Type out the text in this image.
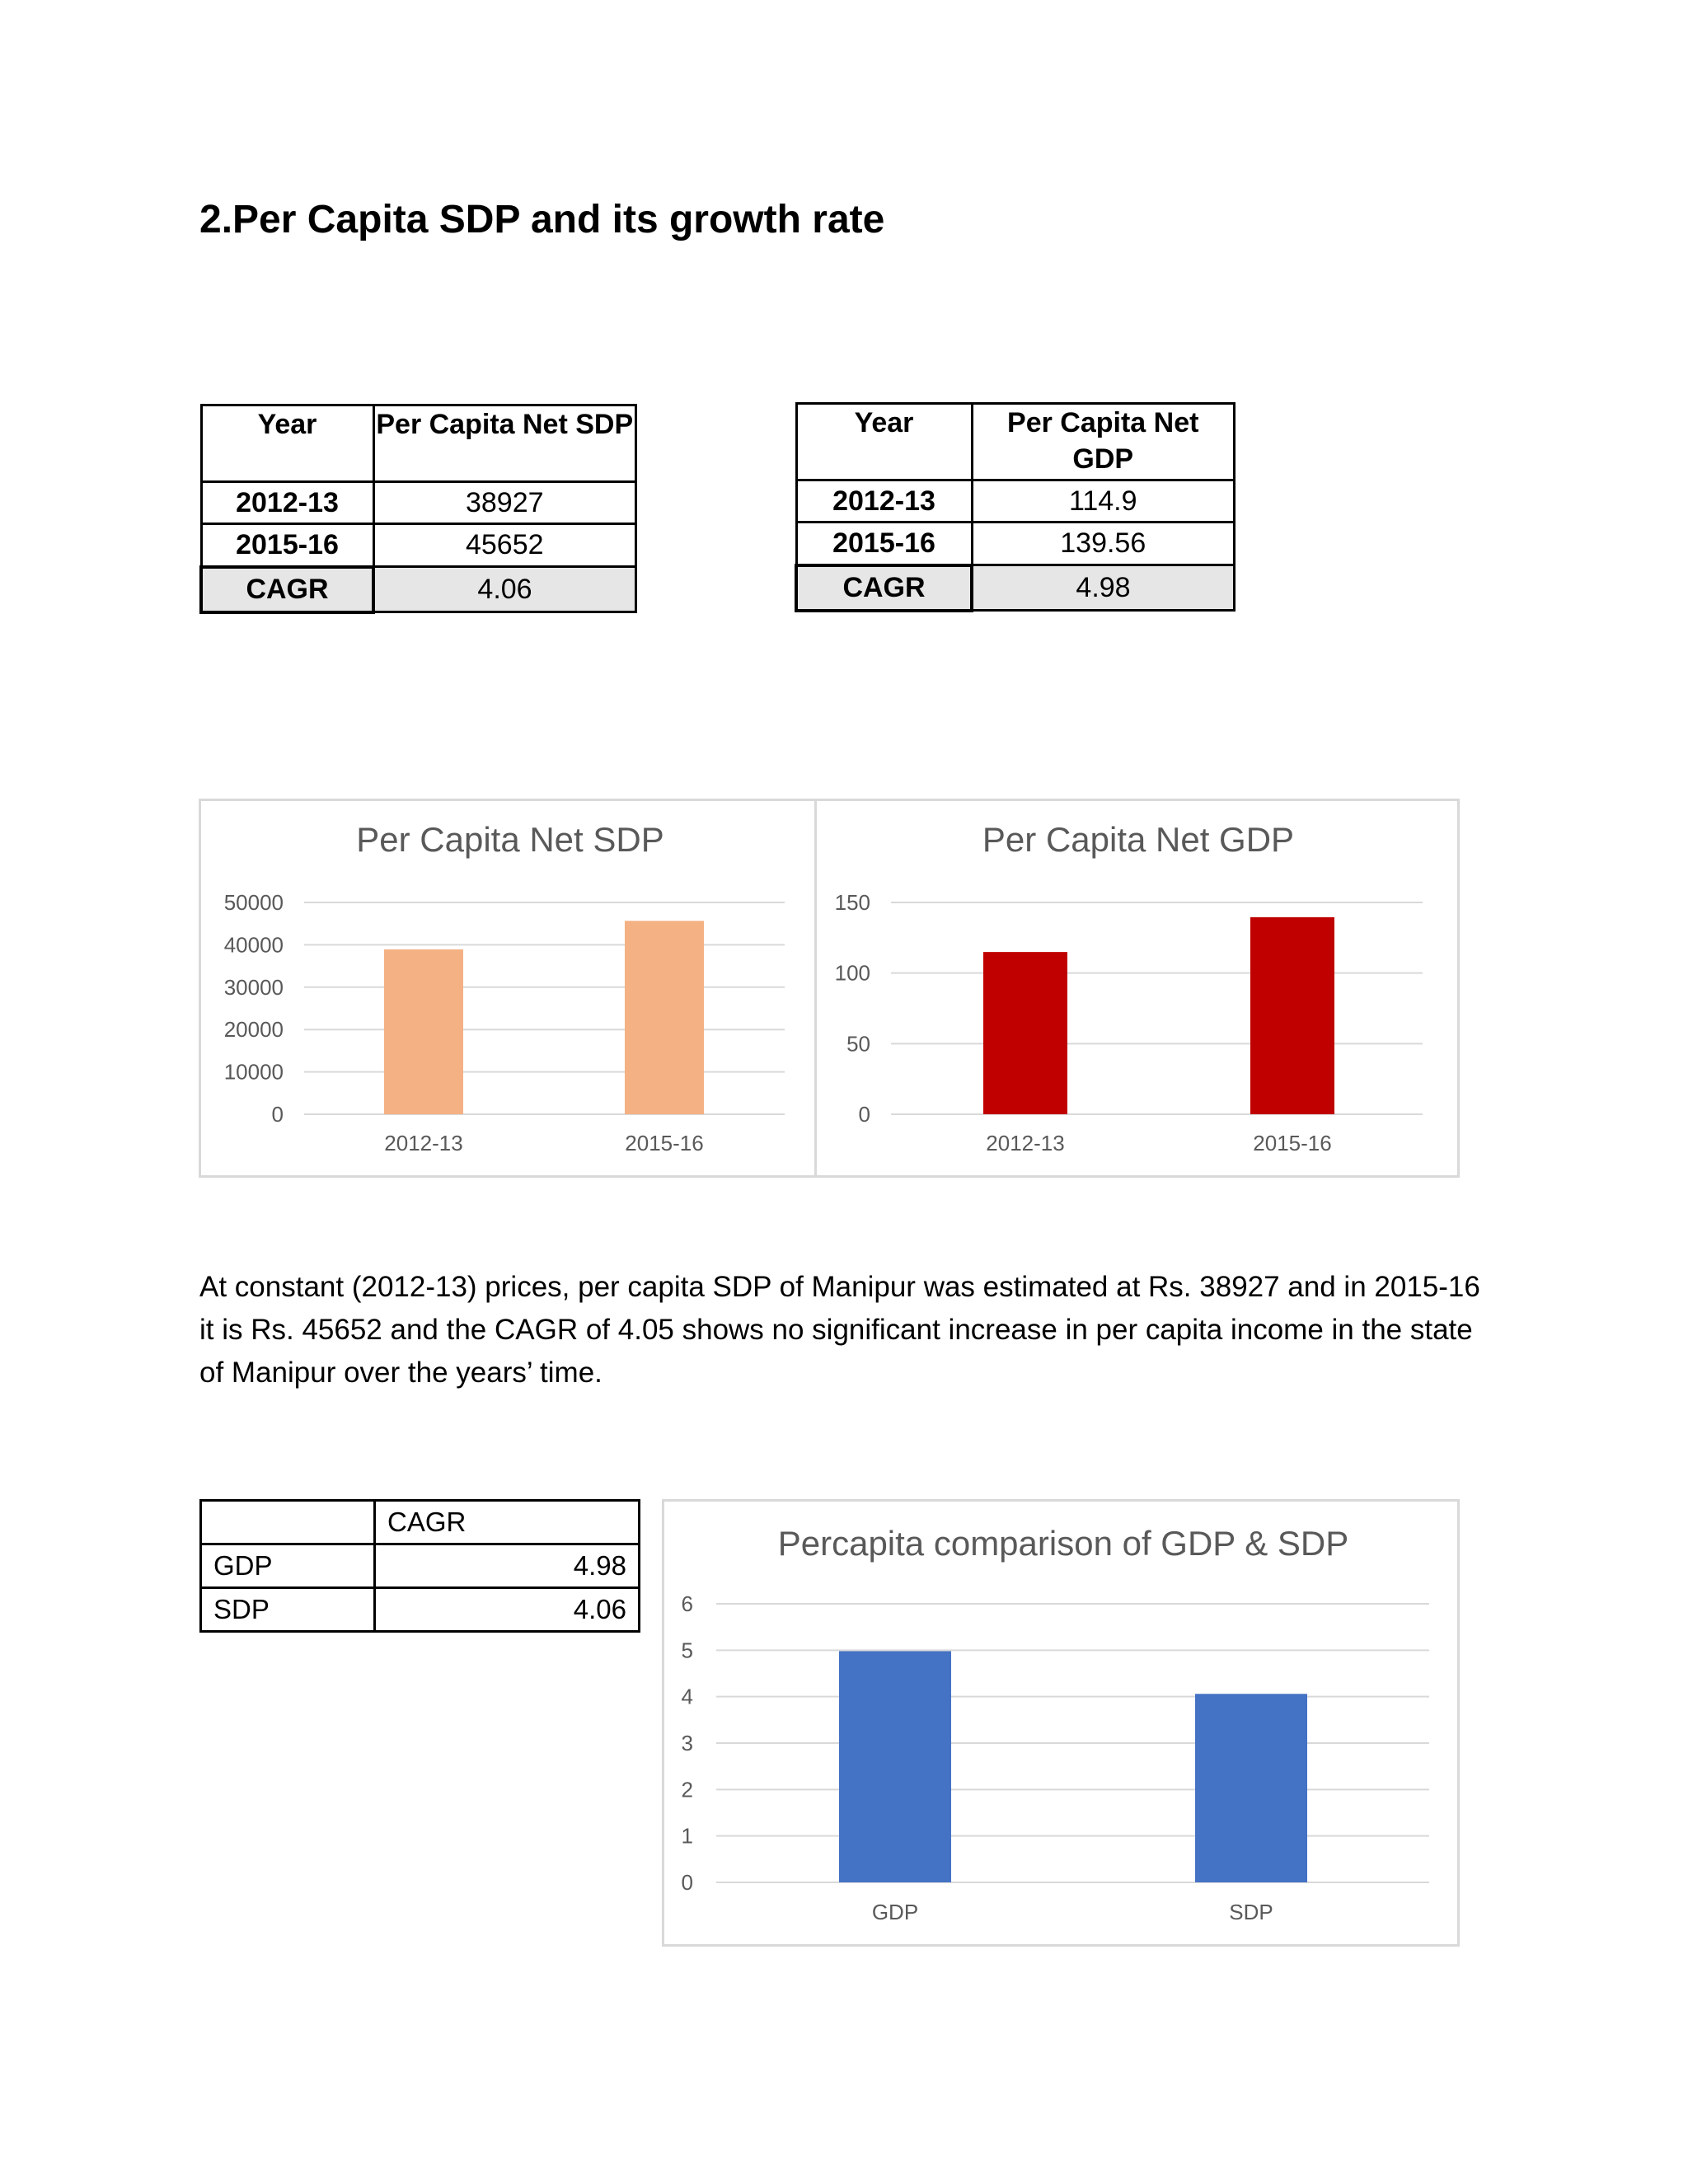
2.Per Capita SDP and its growth rate
Year	Per Capita Net SDP
2012-13	38927
2015-16	45652
CAGR	4.06
Year	Per Capita Net GDP
2012-13	114.9
2015-16	139.56
CAGR	4.98
Per Capita Net SDP
0
10000
20000
30000
40000
50000
2012-13	2015-16
Per Capita Net GDP
0
50
100
150
2012-13	2015-16

At constant (2012-13) prices, per capita SDP of Manipur was estimated at Rs. 38927 and in 2015-16 it is Rs. 45652 and the CAGR of 4.05 shows no significant increase in per capita income in the state of Manipur over the years’ time.

	CAGR
GDP	4.98
SDP	4.06
Percapita comparison of GDP & SDP
0
1
2
3
4
5
6
GDP	SDP
